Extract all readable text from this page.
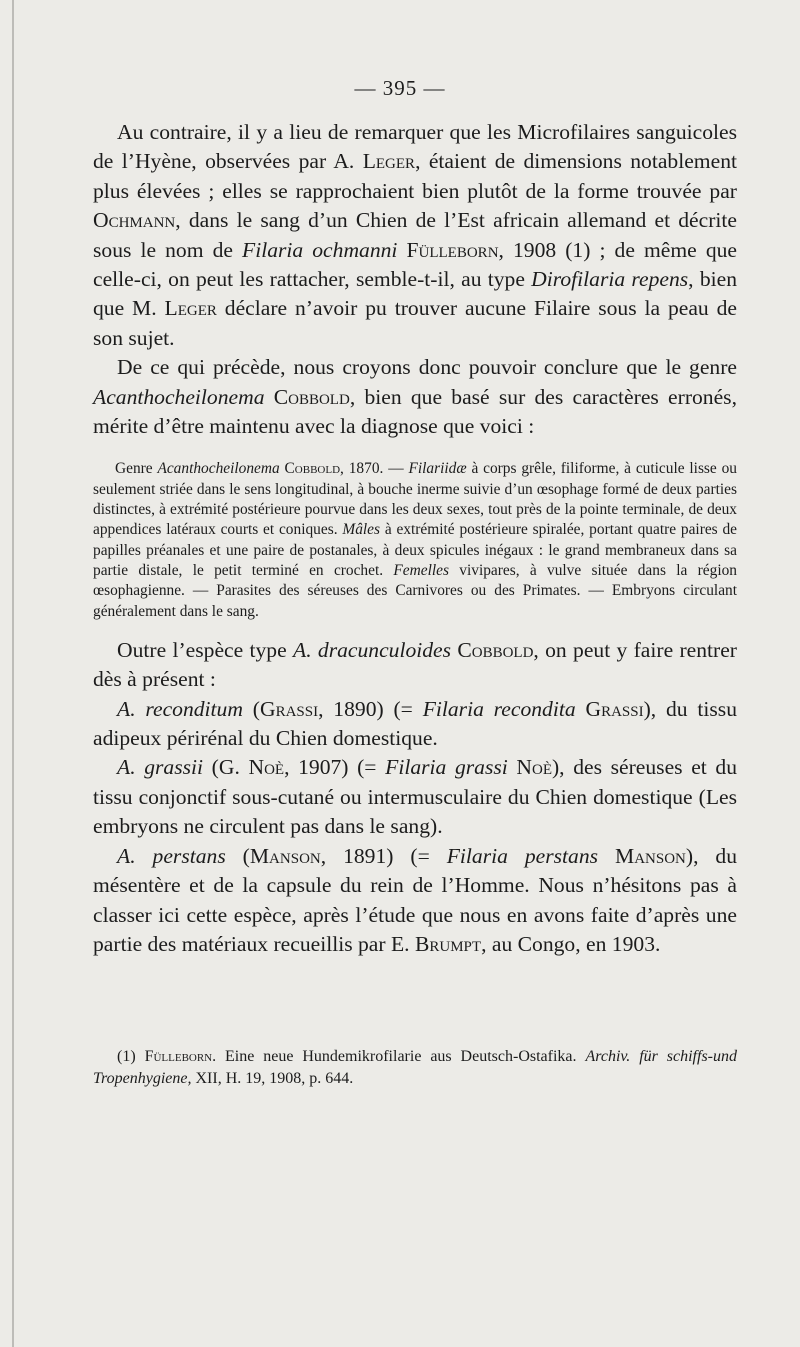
— 395 —

Au contraire, il y a lieu de remarquer que les Microfilaires sanguicoles de l’Hyène, observées par A. Leger, étaient de dimensions notablement plus élevées ; elles se rapprochaient bien plutôt de la forme trouvée par Ochmann, dans le sang d’un Chien de l’Est africain allemand et décrite sous le nom de Filaria ochmanni Fülleborn, 1908 (1) ; de même que celle-ci, on peut les rattacher, semble-t-il, au type Dirofilaria repens, bien que M. Leger déclare n’avoir pu trouver aucune Filaire sous la peau de son sujet.

De ce qui précède, nous croyons donc pouvoir conclure que le genre Acanthocheilonema Cobbold, bien que basé sur des caractères erronés, mérite d’être maintenu avec la diagnose que voici :

Genre Acanthocheilonema Cobbold, 1870. — Filariidæ à corps grêle, filiforme, à cuticule lisse ou seulement striée dans le sens longitudinal, à bouche inerme suivie d’un œsophage formé de deux parties distinctes, à extrémité postérieure pourvue dans les deux sexes, tout près de la pointe terminale, de deux appendices latéraux courts et coniques. Mâles à extrémité postérieure spiralée, portant quatre paires de papilles préanales et une paire de postanales, à deux spicules inégaux : le grand membraneux dans sa partie distale, le petit terminé en crochet. Femelles vivipares, à vulve située dans la région œsophagienne. — Parasites des séreuses des Carnivores ou des Primates. — Embryons circulant généralement dans le sang.

Outre l’espèce type A. dracunculoides Cobbold, on peut y faire rentrer dès à présent :

A. reconditum (Grassi, 1890) (= Filaria recondita Grassi), du tissu adipeux périrénal du Chien domestique.

A. grassii (G. Noè, 1907) (= Filaria grassi Noè), des séreuses et du tissu conjonctif sous-cutané ou intermusculaire du Chien domestique (Les embryons ne circulent pas dans le sang).

A. perstans (Manson, 1891) (= Filaria perstans Manson), du mésentère et de la capsule du rein de l’Homme. Nous n’hésitons pas à classer ici cette espèce, après l’étude que nous en avons faite d’après une partie des matériaux recueillis par E. Brumpt, au Congo, en 1903.

(1) Fülleborn. Eine neue Hundemikrofilarie aus Deutsch-Ostafika. Archiv. für schiffs-und Tropenhygiene, XII, H. 19, 1908, p. 644.
